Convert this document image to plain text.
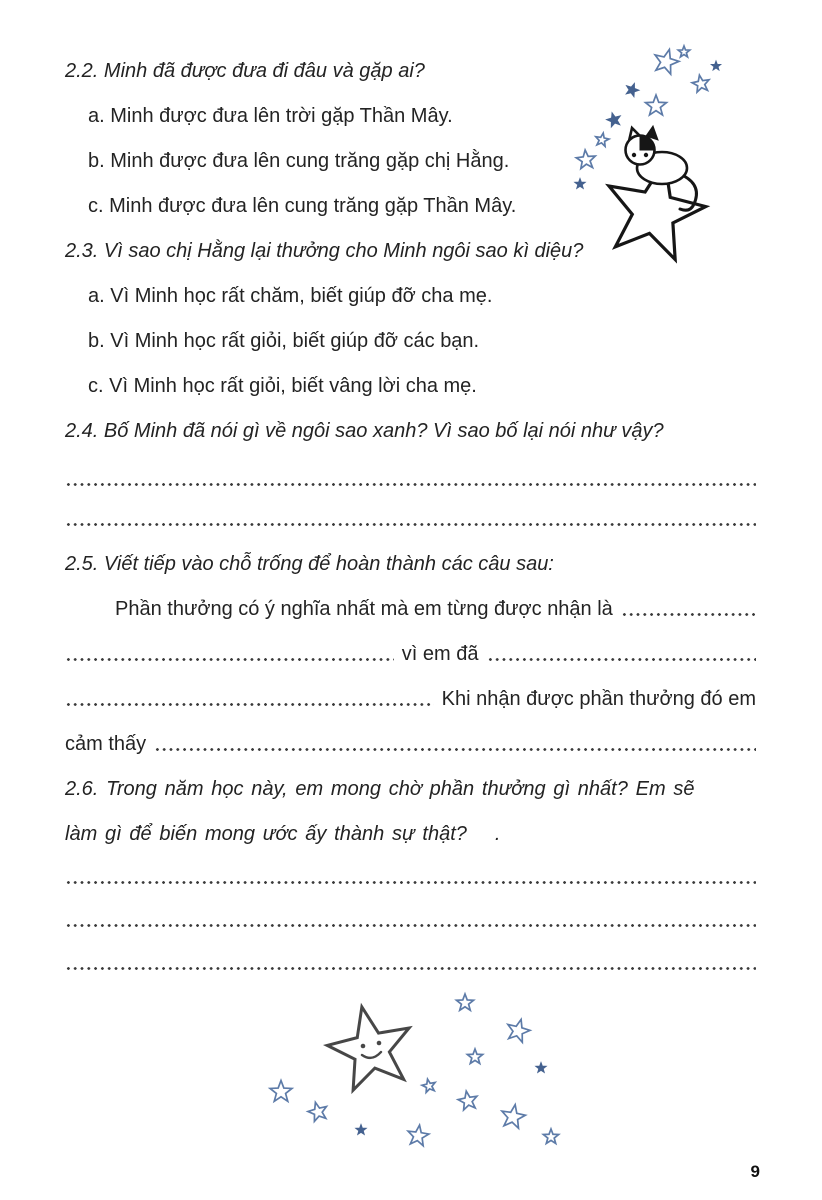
2.2. Minh đã được đưa đi đâu và gặp ai?
a. Minh được đưa lên trời gặp Thần Mây.
b. Minh được đưa lên cung trăng gặp chị Hằng.
c. Minh được đưa lên cung trăng gặp Thần Mây.
2.3. Vì sao chị Hằng lại thưởng cho Minh ngôi sao kì diệu?
a. Vì Minh học rất chăm, biết giúp đỡ cha mẹ.
b. Vì Minh học rất giỏi, biết giúp đỡ các bạn.
c. Vì Minh học rất giỏi, biết vâng lời cha mẹ.
2.4. Bố Minh đã nói gì về ngôi sao xanh? Vì sao bố lại nói như vậy?
2.5. Viết tiếp vào chỗ trống để hoàn thành các câu sau:
Phần thưởng có ý nghĩa nhất mà em từng được nhận là
vì em đã
Khi nhận được phần thưởng đó em
cảm thấy
2.6. Trong năm học này, em mong chờ phần thưởng gì nhất? Em sẽ
làm gì để biến mong ước ấy thành sự thật? .
9
